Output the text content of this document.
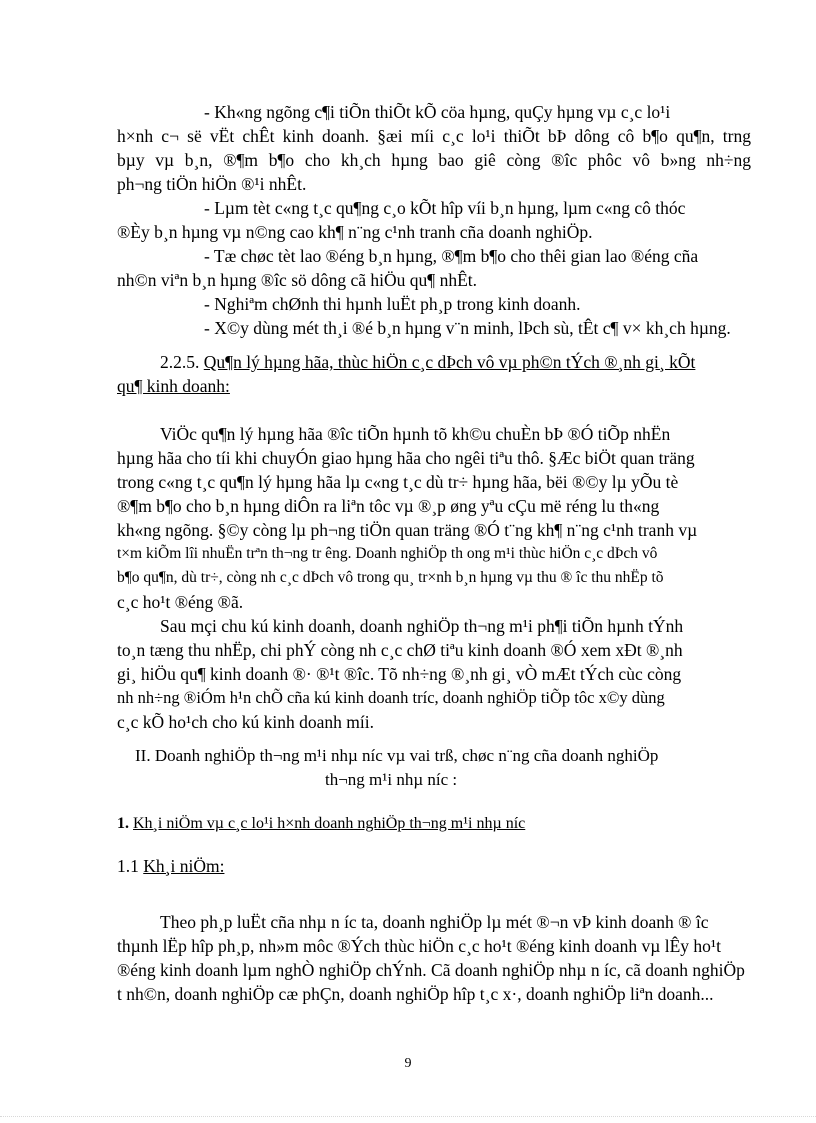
- Kh«ng ngõng c¶i tiÕn thiÕt kÕ cöa hµng, quÇy hµng vµ c¸c lo¹i
h×nh c¬ së vËt chÊt kinh doanh. §æi míi c¸c lo¹i thiÕt bÞ dông cô b¶o qu¶n, trng
bµy vµ b¸n, ®¶m b¶o cho kh¸ch hµng bao giê còng ®îc phôc vô b»ng nh÷ng
ph¬ng tiÖn hiÖn ®¹i nhÊt.
- Lµm tèt c«ng t¸c qu¶ng c¸o kÕt hîp víi b¸n hµng, lµm c«ng cô thóc
®Èy b¸n hµng vµ n©ng cao kh¶ n¨ng c¹nh tranh cña doanh nghiÖp.
- Tæ chøc tèt lao ®éng b¸n hµng, ®¶m b¶o cho thêi gian lao ®éng cña
nh©n viªn b¸n hµng ®îc sö dông cã hiÖu qu¶ nhÊt.
- Nghiªm chØnh thi hµnh luËt ph¸p trong kinh doanh.
- X©y dùng mét th¸i ®é b¸n hµng v¨n minh, lÞch sù, tÊt c¶ v× kh¸ch hµng.
2.2.5. Qu¶n lý hµng hãa, thùc hiÖn c¸c dÞch vô vµ ph©n tÝch ®¸nh gi¸ kÕt
qu¶ kinh doanh:
ViÖc qu¶n lý hµng hãa ®îc tiÕn hµnh tõ kh©u chuÈn bÞ ®Ó tiÕp nhËn
hµng hãa cho tíi khi chuyÓn giao hµng hãa cho ngêi tiªu thô. §Æc biÖt quan träng
trong c«ng t¸c qu¶n lý hµng hãa lµ c«ng t¸c dù tr÷ hµng hãa, bëi ®©y lµ yÕu tè
®¶m b¶o cho b¸n hµng diÔn ra liªn tôc vµ ®¸p øng yªu cÇu më réng lu th«ng
kh«ng ngõng. §©y còng lµ ph¬ng tiÖn quan träng ®Ó t¨ng kh¶ n¨ng c¹nh tranh vµ
t×m kiÕm lîi nhuËn trªn th¬ng tr êng. Doanh nghiÖp th ong m¹i thùc hiÖn c¸c dÞch vô
b¶o qu¶n, dù tr÷, còng nh c¸c dÞch vô trong qu¸ tr×nh b¸n hµng vµ thu ® îc thu nhËp tõ
c¸c ho¹t ®éng ®ã.
Sau mçi chu kú kinh doanh, doanh nghiÖp th¬ng m¹i ph¶i tiÕn hµnh tÝnh
to¸n tæng thu nhËp, chi phÝ còng nh c¸c chØ tiªu kinh doanh ®Ó xem xÐt ®¸nh
gi¸ hiÖu qu¶ kinh doanh ®· ®¹t ®îc. Tõ nh÷ng ®¸nh gi¸ vÒ mÆt tÝch cùc còng
nh nh÷ng ®iÓm h¹n chÕ cña kú kinh doanh tríc, doanh nghiÖp tiÕp tôc x©y dùng
c¸c kÕ ho¹ch cho kú kinh doanh míi.
II. Doanh nghiÖp th¬ng m¹i nhµ níc vµ vai trß, chøc n¨ng cña doanh nghiÖp
th¬ng m¹i nhµ níc :
1. Kh¸i niÖm vµ c¸c lo¹i h×nh doanh nghiÖp th¬ng m¹i nhµ níc
1.1 Kh¸i niÖm:
Theo ph¸p luËt cña nhµ n íc ta, doanh nghiÖp lµ mét ®¬n vÞ kinh doanh ® îc
thµnh lËp hîp ph¸p, nh»m môc ®Ých thùc hiÖn c¸c ho¹t ®éng kinh doanh vµ lÊy ho¹t
®éng kinh doanh lµm nghÒ nghiÖp chÝnh. Cã doanh nghiÖp nhµ n íc, cã doanh nghiÖp
t nh©n, doanh nghiÖp cæ phÇn, doanh nghiÖp hîp t¸c x·, doanh nghiÖp liªn doanh...
9
